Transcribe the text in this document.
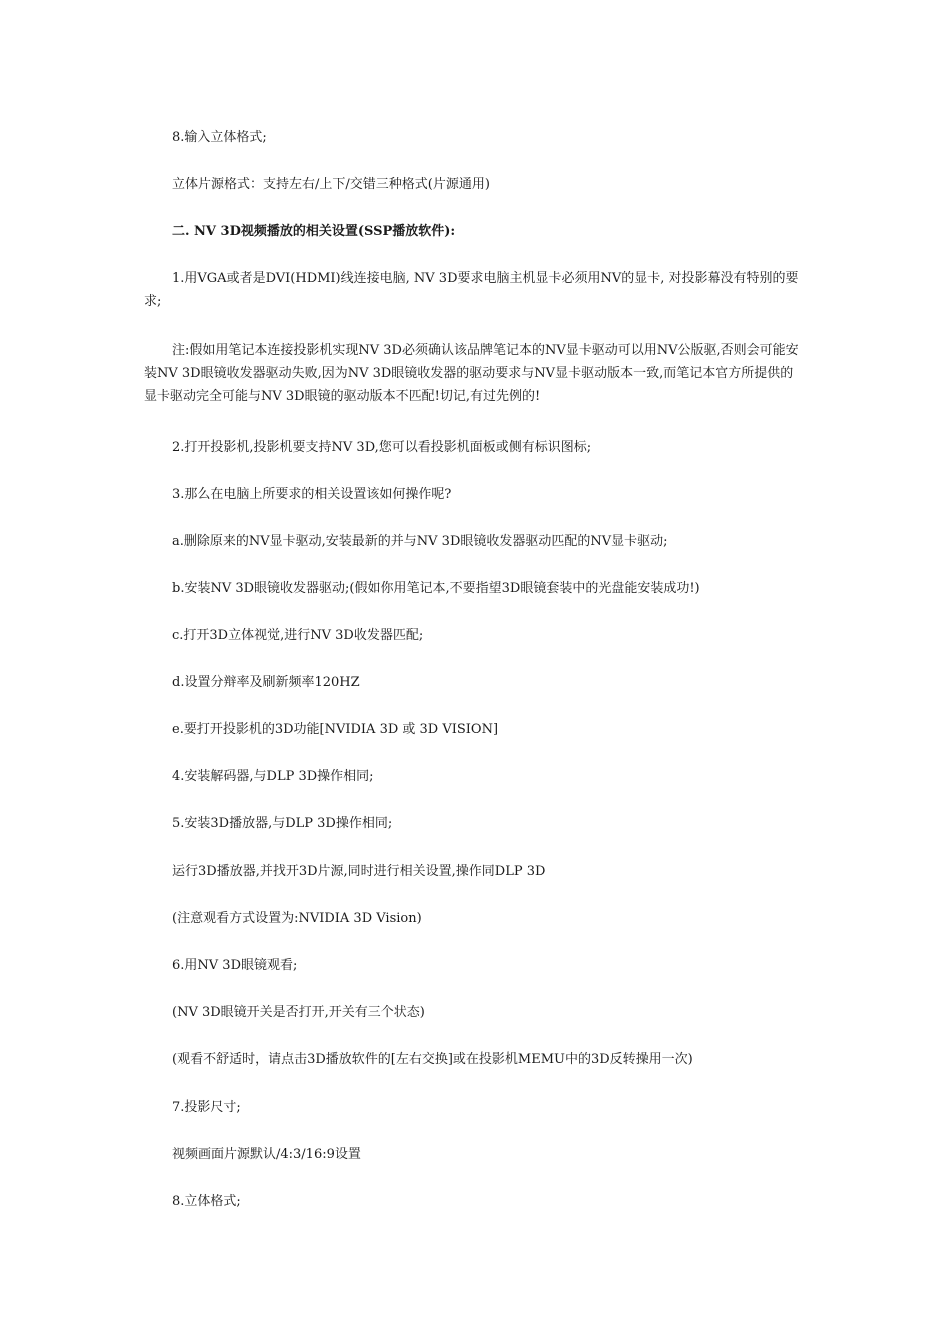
8.输入立体格式;

立体片源格式：支持左右/上下/交错三种格式(片源通用)

二. NV 3D视频播放的相关设置(SSP播放软件):

1.用VGA或者是DVI(HDMI)线连接电脑, NV 3D要求电脑主机显卡必须用NV的显卡, 对投影幕没有特别的要求;

注:假如用笔记本连接投影机实现NV 3D必须确认该品牌笔记本的NV显卡驱动可以用NV公版驱,否则会可能安装NV 3D眼镜收发器驱动失败,因为NV 3D眼镜收发器的驱动要求与NV显卡驱动版本一致,而笔记本官方所提供的显卡驱动完全可能与NV 3D眼镜的驱动版本不匹配!切记,有过先例的!

2.打开投影机,投影机要支持NV 3D,您可以看投影机面板或侧有标识图标;

3.那么在电脑上所要求的相关设置该如何操作呢?

a.删除原来的NV显卡驱动,安装最新的并与NV 3D眼镜收发器驱动匹配的NV显卡驱动;

b.安装NV 3D眼镜收发器驱动;(假如你用笔记本,不要指望3D眼镜套装中的光盘能安装成功!)

c.打开3D立体视觉,进行NV 3D收发器匹配;

d.设置分辩率及刷新频率120HZ

e.要打开投影机的3D功能[NVIDIA 3D 或 3D VISION]

4.安装解码器,与DLP 3D操作相同;

5.安装3D播放器,与DLP 3D操作相同;

运行3D播放器,并找开3D片源,同时进行相关设置,操作同DLP 3D

(注意观看方式设置为:NVIDIA 3D Vision)

6.用NV 3D眼镜观看;

(NV 3D眼镜开关是否打开,开关有三个状态)

(观看不舒适时，请点击3D播放软件的[左右交换]或在投影机MEMU中的3D反转操用一次)

7.投影尺寸;

视频画面片源默认/4:3/16:9设置

8.立体格式;
